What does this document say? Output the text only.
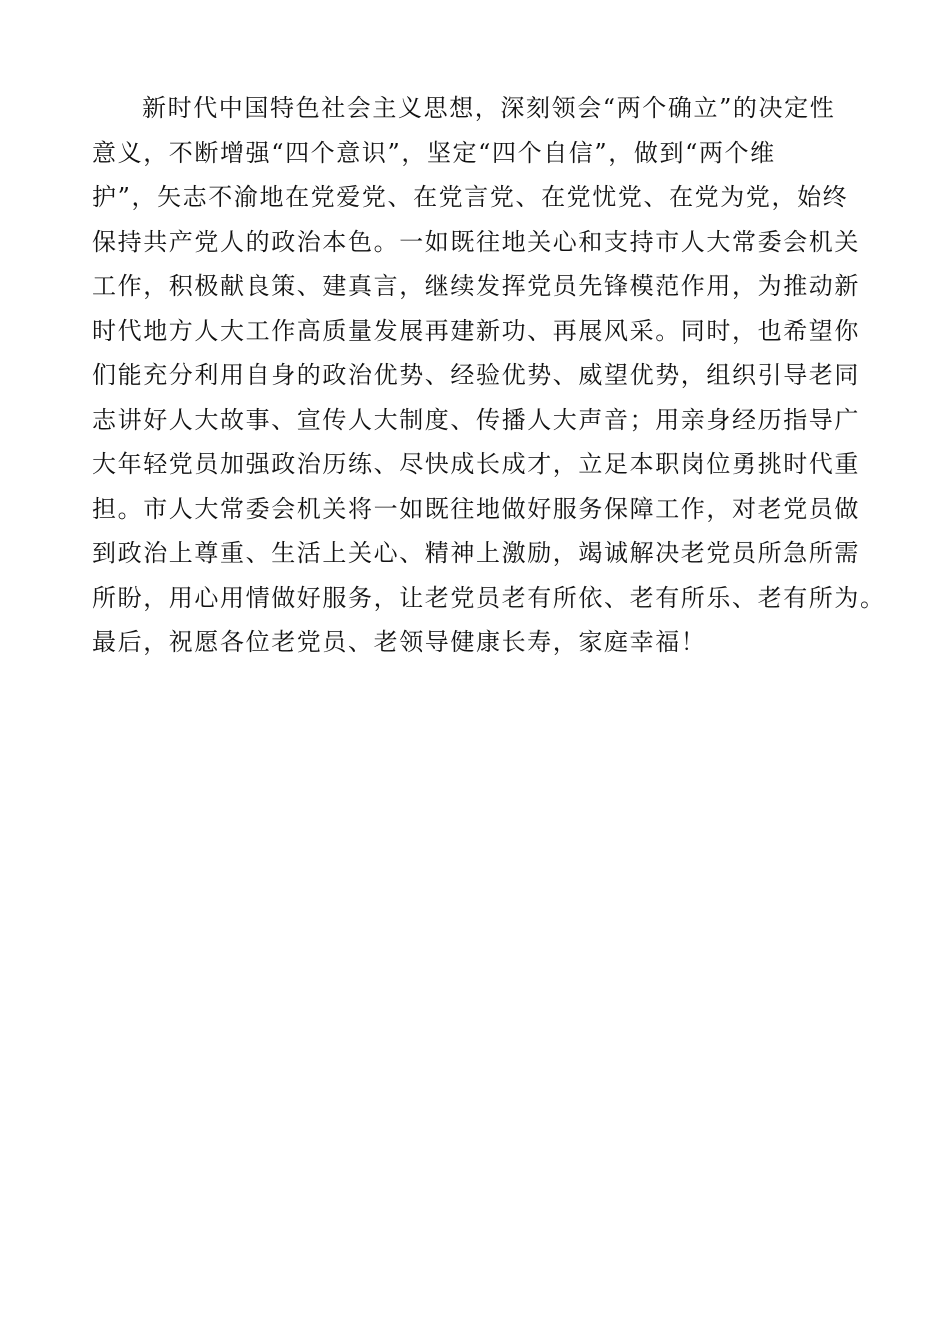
新时代中国特色社会主义思想，深刻领会“两个确立”的决定性
意义，不断增强“四个意识”，坚定“四个自信”，做到“两个维
护”，矢志不渝地在党爱党、在党言党、在党忧党、在党为党，始终
保持共产党人的政治本色。一如既往地关心和支持市人大常委会机关
工作，积极献良策、建真言，继续发挥党员先锋模范作用，为推动新
时代地方人大工作高质量发展再建新功、再展风采。同时，也希望你
们能充分利用自身的政治优势、经验优势、威望优势，组织引导老同
志讲好人大故事、宣传人大制度、传播人大声音；用亲身经历指导广
大年轻党员加强政治历练、尽快成长成才，立足本职岗位勇挑时代重
担。市人大常委会机关将一如既往地做好服务保障工作，对老党员做
到政治上尊重、生活上关心、精神上激励，竭诚解决老党员所急所需
所盼，用心用情做好服务，让老党员老有所依、老有所乐、老有所为。
最后，祝愿各位老党员、老领导健康长寿，家庭幸福！
